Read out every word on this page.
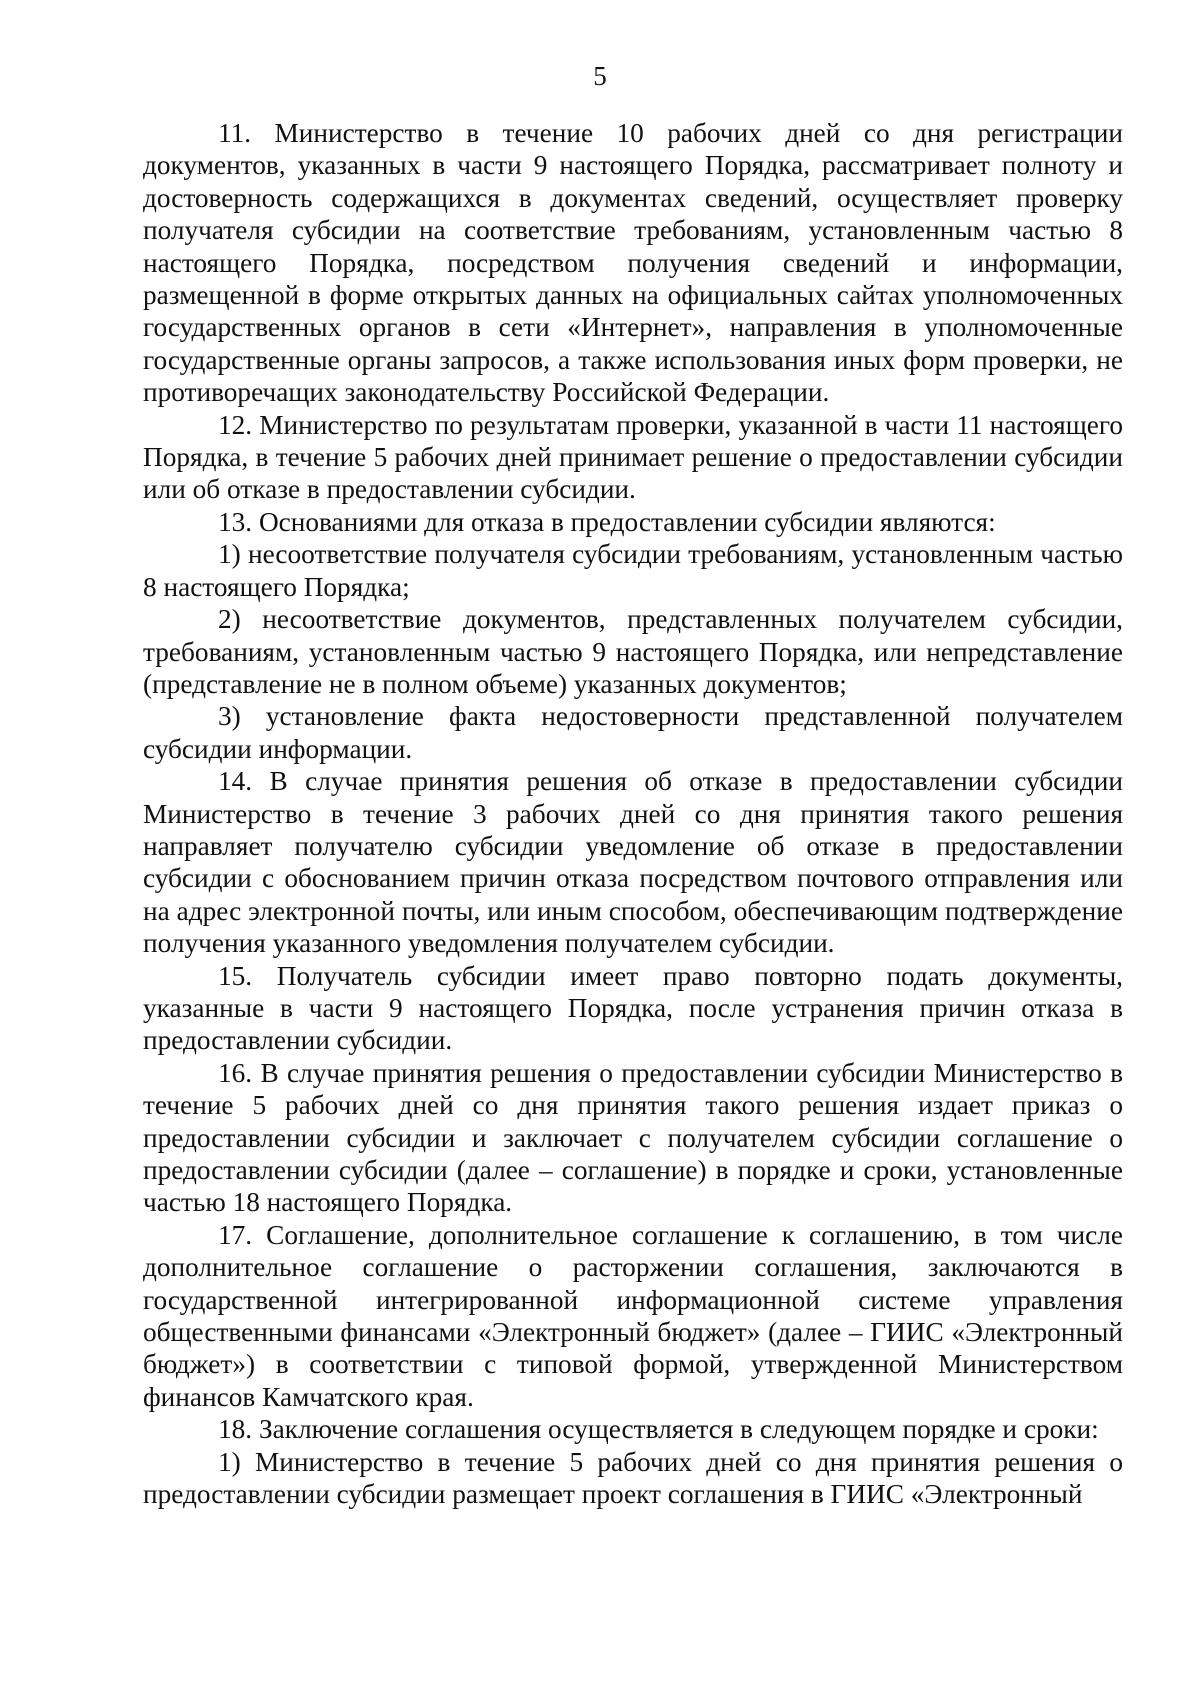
5

11. Министерство в течение 10 рабочих дней со дня регистрации документов, указанных в части 9 настоящего Порядка, рассматривает полноту и достоверность содержащихся в документах сведений, осуществляет проверку получателя субсидии на соответствие требованиям, установленным частью 8 настоящего Порядка, посредством получения сведений и информации, размещенной в форме открытых данных на официальных сайтах уполномоченных государственных органов в сети «Интернет», направления в уполномоченные государственные органы запросов, а также использования иных форм проверки, не противоречащих законодательству Российской Федерации.

12. Министерство по результатам проверки, указанной в части 11 настоящего Порядка, в течение 5 рабочих дней принимает решение о предоставлении субсидии или об отказе в предоставлении субсидии.

13. Основаниями для отказа в предоставлении субсидии являются:

1) несоответствие получателя субсидии требованиям, установленным частью 8 настоящего Порядка;

2) несоответствие документов, представленных получателем субсидии, требованиям, установленным частью 9 настоящего Порядка, или непредставление (представление не в полном объеме) указанных документов;

3) установление факта недостоверности представленной получателем субсидии информации.

14. В случае принятия решения об отказе в предоставлении субсидии Министерство в течение 3 рабочих дней со дня принятия такого решения направляет получателю субсидии уведомление об отказе в предоставлении субсидии с обоснованием причин отказа посредством почтового отправления или на адрес электронной почты, или иным способом, обеспечивающим подтверждение получения указанного уведомления получателем субсидии.

15. Получатель субсидии имеет право повторно подать документы, указанные в части 9 настоящего Порядка, после устранения причин отказа в предоставлении субсидии.

16. В случае принятия решения о предоставлении субсидии Министерство в течение 5 рабочих дней со дня принятия такого решения издает приказ о предоставлении субсидии и заключает с получателем субсидии соглашение о предоставлении субсидии (далее – соглашение) в порядке и сроки, установленные частью 18 настоящего Порядка.

17. Соглашение, дополнительное соглашение к соглашению, в том числе дополнительное соглашение о расторжении соглашения, заключаются в государственной интегрированной информационной системе управления общественными финансами «Электронный бюджет» (далее – ГИИС «Электронный бюджет») в соответствии с типовой формой, утвержденной Министерством финансов Камчатского края.

18. Заключение соглашения осуществляется в следующем порядке и сроки:

1) Министерство в течение 5 рабочих дней со дня принятия решения о предоставлении субсидии размещает проект соглашения в ГИИС «Электронный
